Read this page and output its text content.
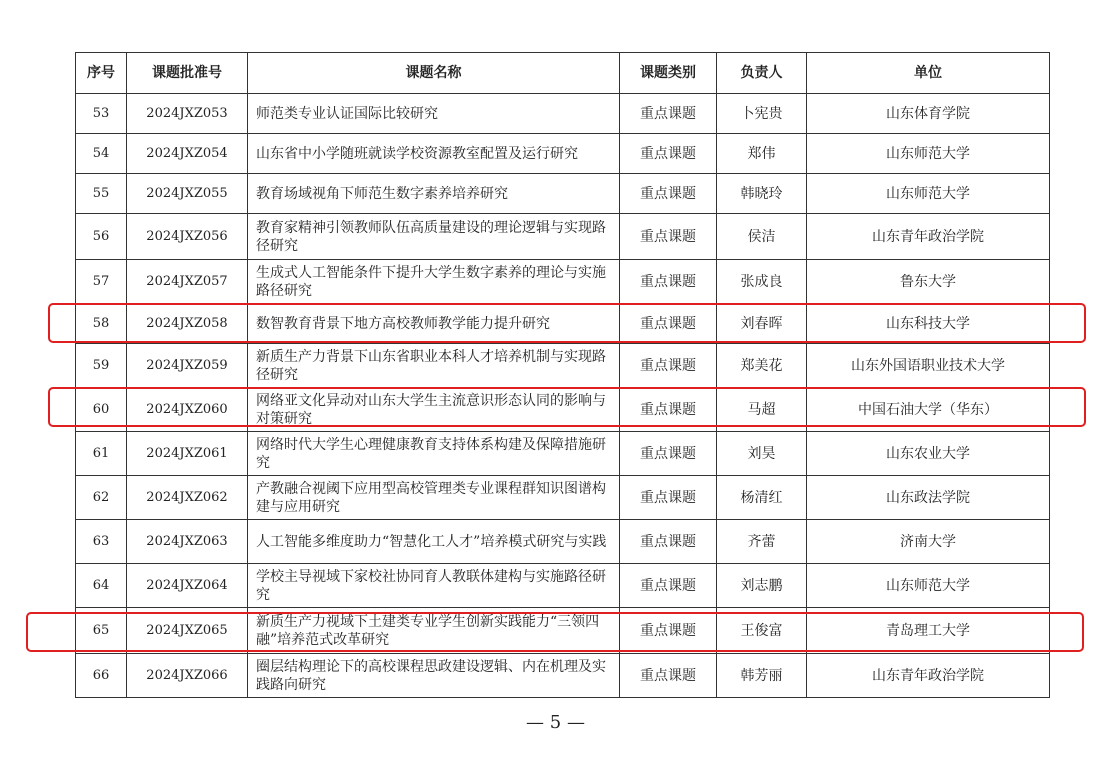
序号	课题批准号	课题名称	课题类别	负责人	单位
53	2024JXZ053	师范类专业认证国际比较研究	重点课题	卜宪贵	山东体育学院
54	2024JXZ054	山东省中小学随班就读学校资源教室配置及运行研究	重点课题	郑伟	山东师范大学
55	2024JXZ055	教育场域视角下师范生数字素养培养研究	重点课题	韩晓玲	山东师范大学
56	2024JXZ056	教育家精神引领教师队伍高质量建设的理论逻辑与实现路径研究	重点课题	侯洁	山东青年政治学院
57	2024JXZ057	生成式人工智能条件下提升大学生数字素养的理论与实施路径研究	重点课题	张成良	鲁东大学
58	2024JXZ058	数智教育背景下地方高校教师教学能力提升研究	重点课题	刘春晖	山东科技大学
59	2024JXZ059	新质生产力背景下山东省职业本科人才培养机制与实现路径研究	重点课题	郑美花	山东外国语职业技术大学
60	2024JXZ060	网络亚文化异动对山东大学生主流意识形态认同的影响与对策研究	重点课题	马超	中国石油大学（华东）
61	2024JXZ061	网络时代大学生心理健康教育支持体系构建及保障措施研究	重点课题	刘昊	山东农业大学
62	2024JXZ062	产教融合视阈下应用型高校管理类专业课程群知识图谱构建与应用研究	重点课题	杨清红	山东政法学院
63	2024JXZ063	人工智能多维度助力“智慧化工人才”培养模式研究与实践	重点课题	齐蕾	济南大学
64	2024JXZ064	学校主导视域下家校社协同育人教联体建构与实施路径研究	重点课题	刘志鹏	山东师范大学
65	2024JXZ065	新质生产力视域下土建类专业学生创新实践能力“三领四融”培养范式改革研究	重点课题	王俊富	青岛理工大学
66	2024JXZ066	圈层结构理论下的高校课程思政建设逻辑、内在机理及实践路向研究	重点课题	韩芳丽	山东青年政治学院
— 5 —
